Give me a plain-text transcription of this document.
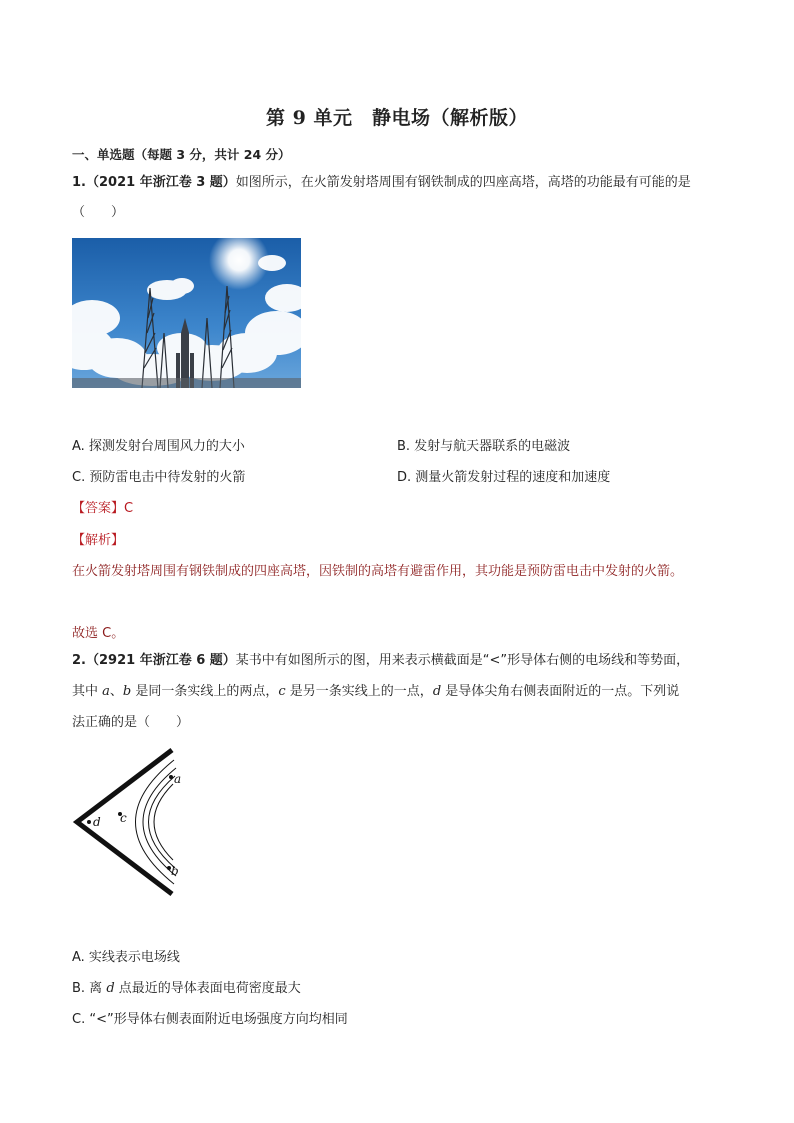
第 9 单元　静电场（解析版）
一、单选题（每题 3 分，共计 24 分）
1.（2021 年浙江卷 3 题）如图所示，在火箭发射塔周围有钢铁制成的四座高塔，高塔的功能最有可能的是
（　　）
A. 探测发射台周围风力的大小	B. 发射与航天器联系的电磁波
C. 预防雷电击中待发射的火箭	D. 测量火箭发射过程的速度和加速度
【答案】C
【解析】
在火箭发射塔周围有钢铁制成的四座高塔，因铁制的高塔有避雷作用，其功能是预防雷电击中发射的火箭。
故选 C。
2.（2921 年浙江卷 6 题）某书中有如图所示的图，用来表示横截面是“<”形导体右侧的电场线和等势面，
其中 a、b 是同一条实线上的两点，c 是另一条实线上的一点，d 是导体尖角右侧表面附近的一点。下列说
法正确的是（　　）
a
b
c
d
A. 实线表示电场线
B. 离 d 点最近的导体表面电荷密度最大
C. “<”形导体右侧表面附近电场强度方向均相同
